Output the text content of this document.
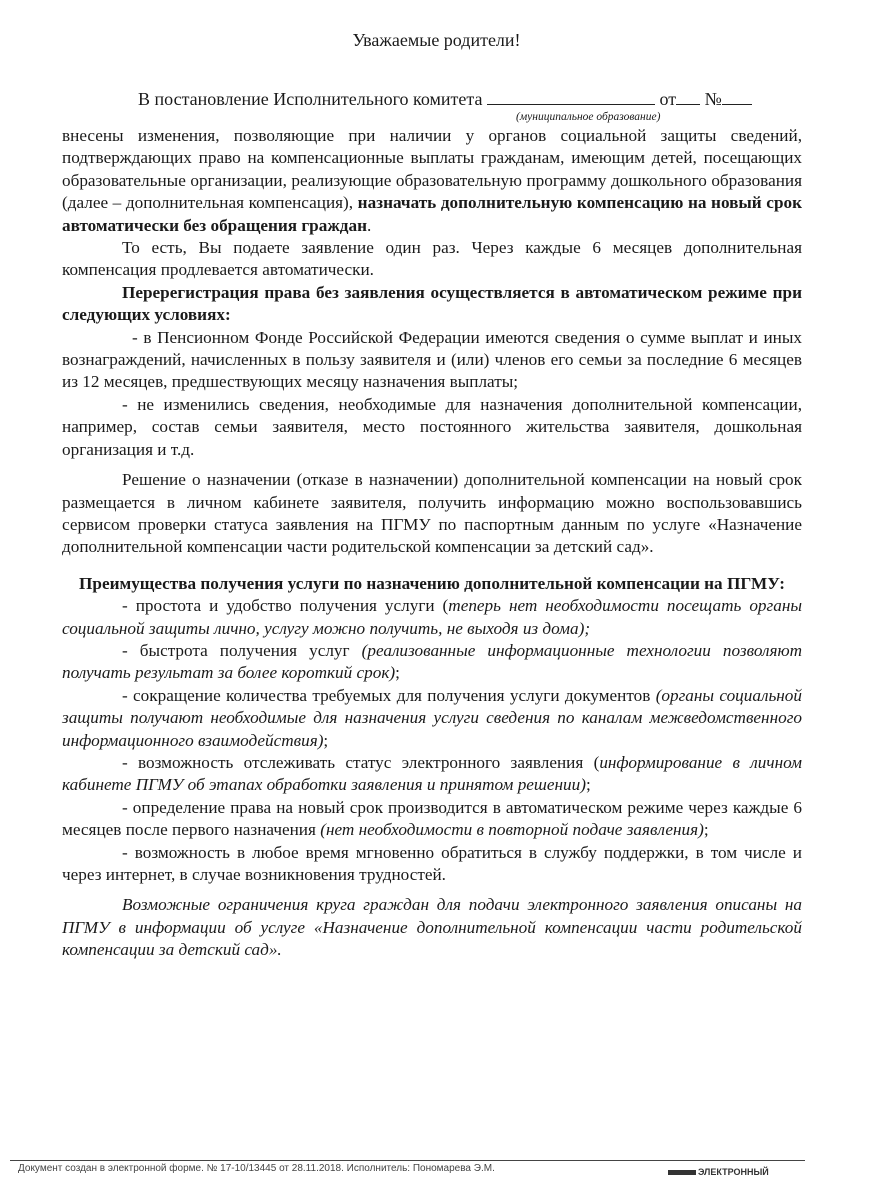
Уважаемые родители!
В постановление Исполнительного комитета	от №
(муниципальное образование)

внесены изменения, позволяющие при наличии у органов социальной защиты сведений, подтверждающих право на компенсационные выплаты гражданам, имеющим детей, посещающих образовательные организации, реализующие образовательную программу дошкольного образования (далее – дополнительная компенсация), назначать дополнительную компенсацию на новый срок автоматически без обращения граждан.

То есть, Вы подаете заявление один раз. Через каждые 6 месяцев дополнительная компенсация продлевается автоматически.

Перерегистрация права без заявления осуществляется в автоматическом режиме при следующих условиях:

- в Пенсионном Фонде Российской Федерации имеются сведения о сумме выплат и иных вознаграждений, начисленных в пользу заявителя и (или) членов его семьи за последние 6 месяцев из 12 месяцев, предшествующих месяцу назначения выплаты;

- не изменились сведения, необходимые для назначения дополнительной компенсации, например, состав семьи заявителя, место постоянного жительства заявителя, дошкольная организация и т.д.

Решение о назначении (отказе в назначении) дополнительной компенсации на новый срок размещается в личном кабинете заявителя, получить информацию можно воспользовавшись сервисом проверки статуса заявления на ПГМУ по паспортным данным по услуге «Назначение дополнительной компенсации части родительской компенсации за детский сад».

Преимущества получения услуги по назначению дополнительной компенсации на ПГМУ:

- простота и удобство получения услуги (теперь нет необходимости посещать органы социальной защиты лично, услугу можно получить, не выходя из дома);

- быстрота получения услуг (реализованные информационные технологии позволяют получать результат за более короткий срок);

- сокращение количества требуемых для получения услуги документов (органы социальной защиты получают необходимые для назначения услуги сведения по каналам межведомственного информационного взаимодействия);

- возможность отслеживать статус электронного заявления (информирование в личном кабинете ПГМУ об этапах обработки заявления и принятом решении);

- определение права на новый срок производится в автоматическом режиме через каждые 6 месяцев после первого назначения (нет необходимости в повторной подаче заявления);

- возможность в любое время мгновенно обратиться в службу поддержки, в том числе и через интернет, в случае возникновения трудностей.

Возможные ограничения круга граждан для подачи электронного заявления описаны на ПГМУ в информации об услуге «Назначение дополнительной компенсации части родительской компенсации за детский сад».

Документ создан в электронной форме. № 17-10/13445 от 28.11.2018. Исполнитель: Пономарева Э.М.	ЭЛЕКТРОННЫЙ
